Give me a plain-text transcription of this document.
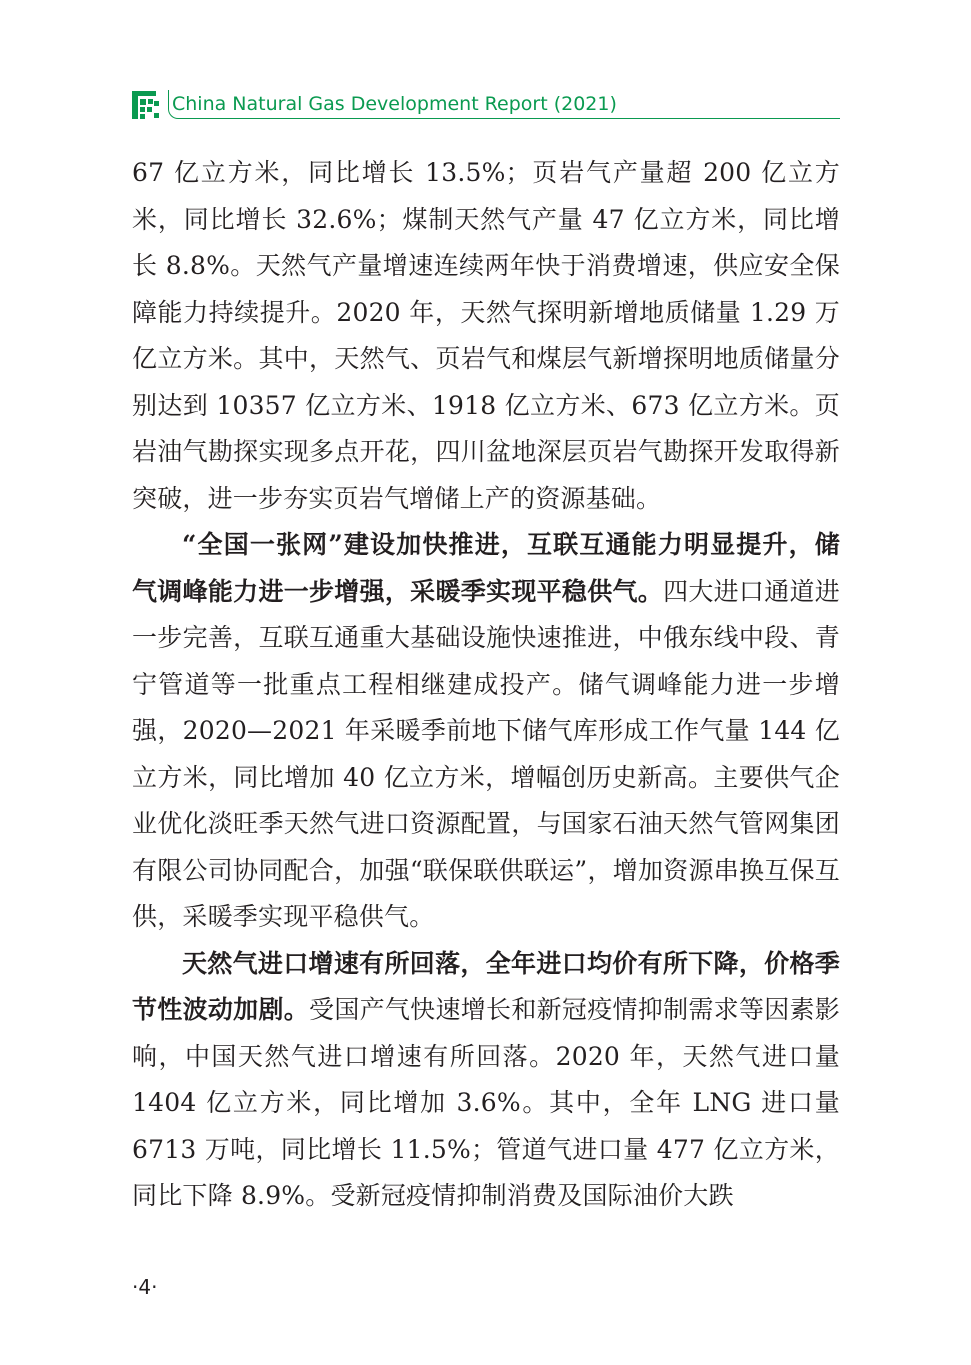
China Natural Gas Development Report (2021)

67 亿立方米，同比增长 13.5%；页岩气产量超 200 亿立方米，同比增长 32.6%；煤制天然气产量 47 亿立方米，同比增长 8.8%。天然气产量增速连续两年快于消费增速，供应安全保障能力持续提升。2020 年，天然气探明新增地质储量 1.29 万亿立方米。其中，天然气、页岩气和煤层气新增探明地质储量分别达到 10357 亿立方米、1918 亿立方米、673 亿立方米。页岩油气勘探实现多点开花，四川盆地深层页岩气勘探开发取得新突破，进一步夯实页岩气增储上产的资源基础。

“全国一张网”建设加快推进，互联互通能力明显提升，储气调峰能力进一步增强，采暖季实现平稳供气。四大进口通道进一步完善，互联互通重大基础设施快速推进，中俄东线中段、青宁管道等一批重点工程相继建成投产。储气调峰能力进一步增强，2020—2021 年采暖季前地下储气库形成工作气量 144 亿立方米，同比增加 40 亿立方米，增幅创历史新高。主要供气企业优化淡旺季天然气进口资源配置，与国家石油天然气管网集团有限公司协同配合，加强“联保联供联运”，增加资源串换互保互供，采暖季实现平稳供气。

天然气进口增速有所回落，全年进口均价有所下降，价格季节性波动加剧。受国产气快速增长和新冠疫情抑制需求等因素影响，中国天然气进口增速有所回落。2020 年，天然气进口量 1404 亿立方米，同比增加 3.6%。其中，全年 LNG 进口量 6713 万吨，同比增长 11.5%；管道气进口量 477 亿立方米，同比下降 8.9%。受新冠疫情抑制消费及国际油价大跌

·4·
